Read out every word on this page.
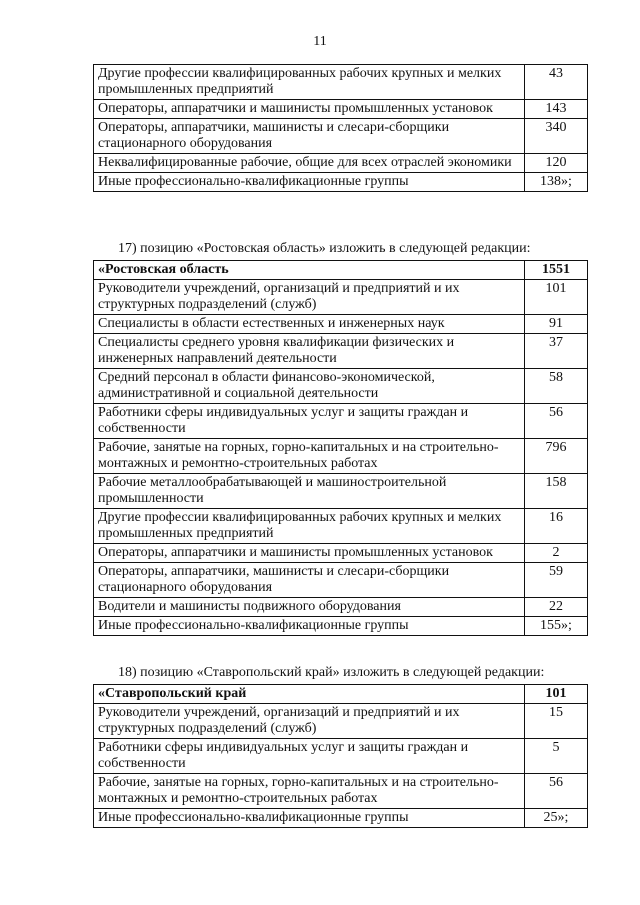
11
Другие профессии квалифицированных рабочих крупных и мелких промышленных предприятий	43
Операторы, аппаратчики и машинисты промышленных установок	143
Операторы, аппаратчики, машинисты и слесари-сборщики стационарного оборудования	340
Неквалифицированные рабочие, общие для всех отраслей экономики	120
Иные профессионально-квалификационные группы	138»;
17) позицию «Ростовская область» изложить в следующей редакции:
«Ростовская область	1551
Руководители учреждений, организаций и предприятий и их структурных подразделений (служб)	101
Специалисты в области естественных и инженерных наук	91
Специалисты среднего уровня квалификации физических и инженерных направлений деятельности	37
Средний персонал в области финансово-экономической, административной и социальной деятельности	58
Работники сферы индивидуальных услуг и защиты граждан и собственности	56
Рабочие, занятые на горных, горно-капитальных и на строительно-монтажных и ремонтно-строительных работах	796
Рабочие металлообрабатывающей и машиностроительной промышленности	158
Другие профессии квалифицированных рабочих крупных и мелких промышленных предприятий	16
Операторы, аппаратчики и машинисты промышленных установок	2
Операторы, аппаратчики, машинисты и слесари-сборщики стационарного оборудования	59
Водители и машинисты подвижного оборудования	22
Иные профессионально-квалификационные группы	155»;
18) позицию «Ставропольский край» изложить в следующей редакции:
«Ставропольский край	101
Руководители учреждений, организаций и предприятий и их структурных подразделений (служб)	15
Работники сферы индивидуальных услуг и защиты граждан и собственности	5
Рабочие, занятые на горных, горно-капитальных и на строительно-монтажных и ремонтно-строительных работах	56
Иные профессионально-квалификационные группы	25»;
